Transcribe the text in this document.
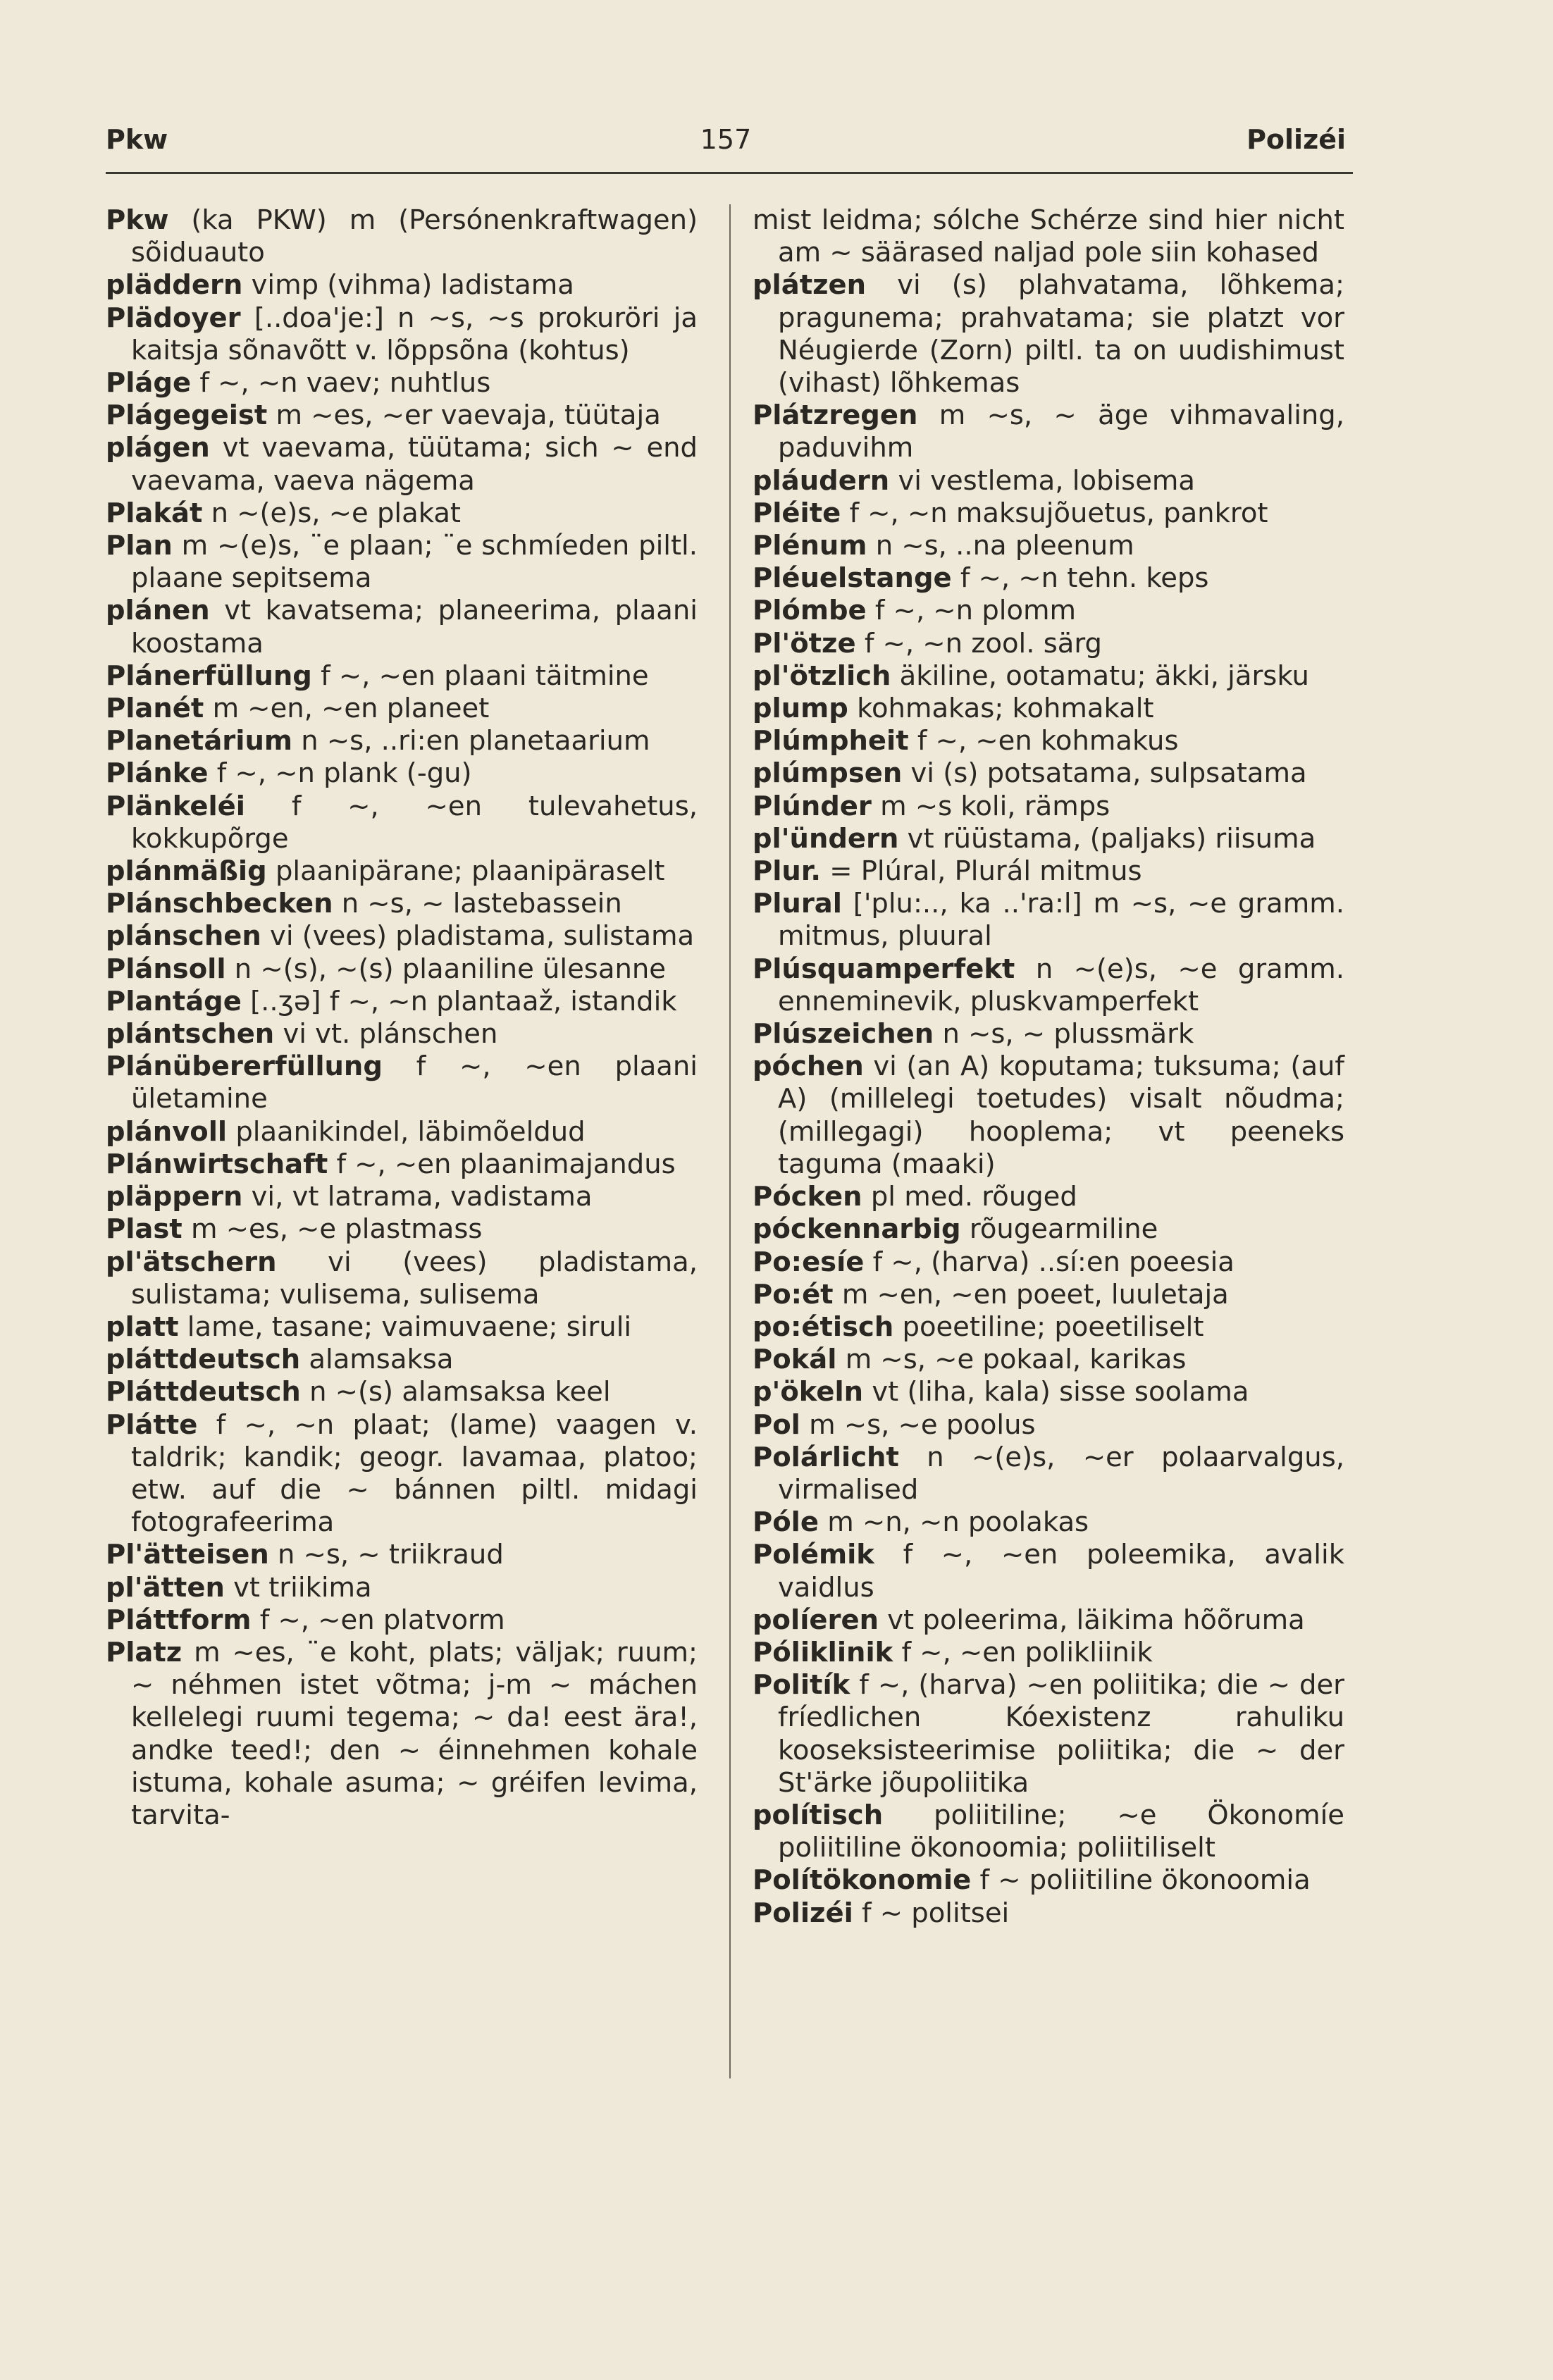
Pkw	157	Polizéi

Pkw (ka PKW) m (Persónenkraftwagen) sõiduauto

pläddern vimp (vihma) ladistama

Plädoyer [..doa'je:] n ~s, ~s prokuröri ja kaitsja sõnavõtt v. lõppsõna (kohtus)

Pláge f ~, ~n vaev; nuhtlus

Plágegeist m ~es, ~er vaevaja, tüütaja

plágen vt vaevama, tüütama; sich ~ end vaevama, vaeva nägema

Plakát n ~(e)s, ~e plakat

Plan m ~(e)s, ¨e plaan; ¨e schmíeden piltl. plaane sepitsema

plánen vt kavatsema; planeerima, plaani koostama

Plánerfüllung f ~, ~en plaani täitmine

Planét m ~en, ~en planeet

Planetárium n ~s, ..ri:en planetaarium

Plánke f ~, ~n plank (-gu)

Plänkeléi f ~, ~en tulevahetus, kokkupõrge

plánmäßig plaanipärane; plaanipäraselt

Plánschbecken n ~s, ~ lastebassein

plánschen vi (vees) pladistama, sulistama

Plánsoll n ~(s), ~(s) plaaniline ülesanne

Plantáge [..ʒə] f ~, ~n plantaaž, istandik

plántschen vi vt. plánschen

Plánübererfüllung f ~, ~en plaani ületamine

plánvoll plaanikindel, läbimõeldud

Plánwirtschaft f ~, ~en plaanimajandus

pläppern vi, vt latrama, vadistama

Plast m ~es, ~e plastmass

pl'ätschern vi (vees) pladistama, sulistama; vulisema, sulisema

platt lame, tasane; vaimuvaene; siruli

pláttdeutsch alamsaksa

Pláttdeutsch n ~(s) alamsaksa keel

Plátte f ~, ~n plaat; (lame) vaagen v. taldrik; kandik; geogr. lavamaa, platoo; etw. auf die ~ bánnen piltl. midagi fotografeerima

Pl'ätteisen n ~s, ~ triikraud

pl'ätten vt triikima

Pláttform f ~, ~en platvorm

Platz m ~es, ¨e koht, plats; väljak; ruum; ~ néhmen istet võtma; j-m ~ máchen kellelegi ruumi tegema; ~ da! eest ära!, andke teed!; den ~ éinnehmen kohale istuma, kohale asuma; ~ gréifen levima, tarvita-

mist leidma; sólche Schérze sind hier nicht am ~ säärased naljad pole siin kohased

plátzen vi (s) plahvatama, lõhkema; pragunema; prahvatama; sie platzt vor Néugierde (Zorn) piltl. ta on uudishimust (vihast) lõhkemas

Plátzregen m ~s, ~ äge vihmavaling, paduvihm

pláudern vi vestlema, lobisema

Pléite f ~, ~n maksujõuetus, pankrot

Plénum n ~s, ..na pleenum

Pléuelstange f ~, ~n tehn. keps

Plómbe f ~, ~n plomm

Pl'ötze f ~, ~n zool. särg

pl'ötzlich äkiline, ootamatu; äkki, järsku

plump kohmakas; kohmakalt

Plúmpheit f ~, ~en kohmakus

plúmpsen vi (s) potsatama, sulpsatama

Plúnder m ~s koli, rämps

pl'ündern vt rüüstama, (paljaks) riisuma

Plur. = Plúral, Plurál mitmus

Plural ['plu:.., ka ..'ra:l] m ~s, ~e gramm. mitmus, pluural

Plúsquamperfekt n ~(e)s, ~e gramm. enneminevik, pluskvamperfekt

Plúszeichen n ~s, ~ plussmärk

póchen vi (an A) koputama; tuksuma; (auf A) (millelegi toetudes) visalt nõudma; (millegagi) hooplema; vt peeneks taguma (maaki)

Pócken pl med. rõuged

póckennarbig rõugearmiline

Po:esíe f ~, (harva) ..sí:en poeesia

Po:ét m ~en, ~en poeet, luuletaja

po:étisch poeetiline; poeetiliselt

Pokál m ~s, ~e pokaal, karikas

p'ökeln vt (liha, kala) sisse soolama

Pol m ~s, ~e poolus

Polárlicht n ~(e)s, ~er polaarvalgus, virmalised

Póle m ~n, ~n poolakas

Polémik f ~, ~en poleemika, avalik vaidlus

políeren vt poleerima, läikima hõõruma

Póliklinik f ~, ~en polikliinik

Politík f ~, (harva) ~en poliitika; die ~ der fríedlichen Kóexistenz rahuliku kooseksisteerimise poliitika; die ~ der St'ärke jõupoliitika

polítisch poliitiline; ~e Ökonomíe poliitiline ökonoomia; poliitiliselt

Polítökonomie f ~ poliitiline ökonoomia

Polizéi f ~ politsei
